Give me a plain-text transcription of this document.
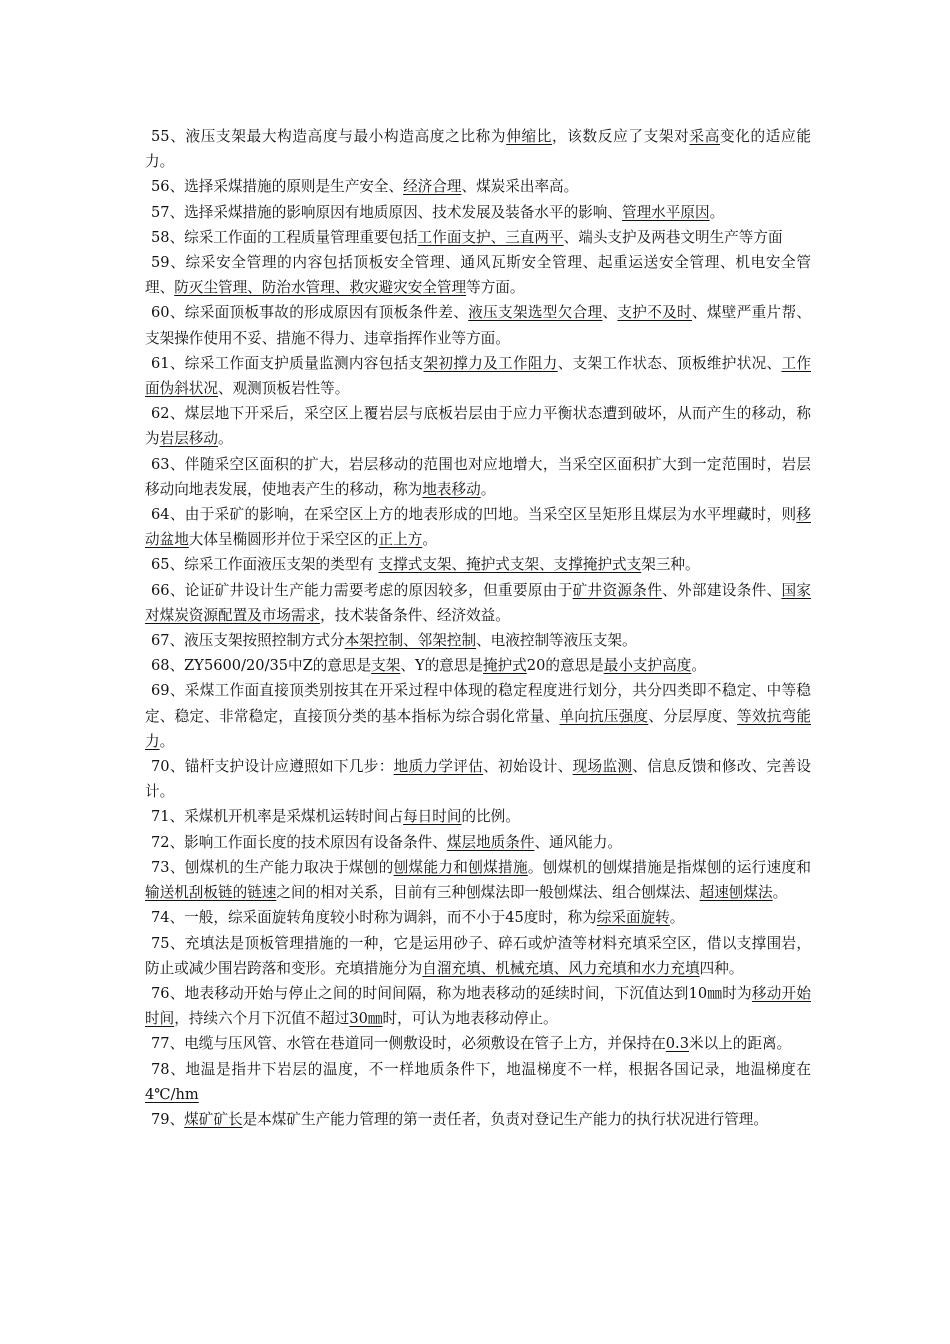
55、液压支架最大构造高度与最小构造高度之比称为伸缩比，该数反应了支架对采高变化的适应能力。

56、选择采煤措施的原则是生产安全、经济合理、煤炭采出率高。

57、选择采煤措施的影响原因有地质原因、技术发展及装备水平的影响、管理水平原因。

58、综采工作面的工程质量管理重要包括工作面支护、三直两平、端头支护及两巷文明生产等方面

59、综采安全管理的内容包括顶板安全管理、通风瓦斯安全管理、起重运送安全管理、机电安全管理、防灭尘管理、防治水管理、救灾避灾安全管理等方面。

60、综采面顶板事故的形成原因有顶板条件差、液压支架选型欠合理、支护不及时、煤壁严重片帮、支架操作使用不妥、措施不得力、违章指挥作业等方面。

61、综采工作面支护质量监测内容包括支架初撑力及工作阻力、支架工作状态、顶板维护状况、工作面伪斜状况、观测顶板岩性等。

62、煤层地下开采后，采空区上覆岩层与底板岩层由于应力平衡状态遭到破坏，从而产生的移动，称为岩层移动。

63、伴随采空区面积的扩大，岩层移动的范围也对应地增大，当采空区面积扩大到一定范围时，岩层移动向地表发展，使地表产生的移动，称为地表移动。

64、由于采矿的影响，在采空区上方的地表形成的凹地。当采空区呈矩形且煤层为水平埋藏时，则移动盆地大体呈椭圆形并位于采空区的正上方。

65、综采工作面液压支架的类型有 支撑式支架、掩护式支架、支撑掩护式支架三种。

66、论证矿井设计生产能力需要考虑的原因较多，但重要原由于矿井资源条件、外部建设条件、国家对煤炭资源配置及市场需求，技术装备条件、经济效益。

67、液压支架按照控制方式分本架控制、邻架控制、电液控制等液压支架。

68、ZY5600/20/35中Z的意思是支架、Y的意思是掩护式20的意思是最小支护高度。

69、采煤工作面直接顶类别按其在开采过程中体现的稳定程度进行划分，共分四类即不稳定、中等稳定、稳定、非常稳定，直接顶分类的基本指标为综合弱化常量、单向抗压强度、分层厚度、等效抗弯能力。

70、锚杆支护设计应遵照如下几步：地质力学评估、初始设计、现场监测、信息反馈和修改、完善设计。

71、采煤机开机率是采煤机运转时间占每日时间的比例。

72、影响工作面长度的技术原因有设备条件、煤层地质条件、通风能力。

73、刨煤机的生产能力取决于煤刨的刨煤能力和刨煤措施。刨煤机的刨煤措施是指煤刨的运行速度和输送机刮板链的链速之间的相对关系，目前有三种刨煤法即一般刨煤法、组合刨煤法、超速刨煤法。

74、一般，综采面旋转角度较小时称为调斜，而不小于45度时，称为综采面旋转。

75、充填法是顶板管理措施的一种，它是运用砂子、碎石或炉渣等材料充填采空区，借以支撑围岩，防止或减少围岩跨落和变形。充填措施分为自溜充填、机械充填、风力充填和水力充填四种。

76、地表移动开始与停止之间的时间间隔，称为地表移动的延续时间，下沉值达到10㎜时为移动开始时间，持续六个月下沉值不超过30㎜时，可认为地表移动停止。

77、电缆与压风管、水管在巷道同一侧敷设时，必须敷设在管子上方，并保持在0.3米以上的距离。

78、地温是指井下岩层的温度，不一样地质条件下，地温梯度不一样，根据各国记录，地温梯度在4℃/hm

79、煤矿矿长是本煤矿生产能力管理的第一责任者，负责对登记生产能力的执行状况进行管理。
